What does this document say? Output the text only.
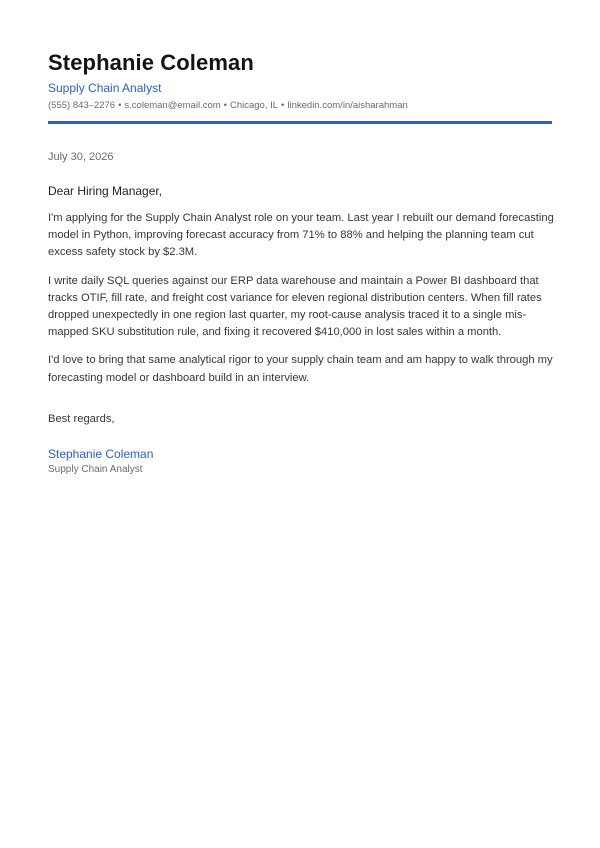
Stephanie Coleman
Supply Chain Analyst
(555) 843–2276 • s.coleman@email.com • Chicago, IL • linkedin.com/in/aisharahman
July 30, 2026
Dear Hiring Manager,
I'm applying for the Supply Chain Analyst role on your team. Last year I rebuilt our demand forecasting
model in Python, improving forecast accuracy from 71% to 88% and helping the planning team cut
excess safety stock by $2.3M.
I write daily SQL queries against our ERP data warehouse and maintain a Power BI dashboard that
tracks OTIF, fill rate, and freight cost variance for eleven regional distribution centers. When fill rates
dropped unexpectedly in one region last quarter, my root-cause analysis traced it to a single mis-
mapped SKU substitution rule, and fixing it recovered $410,000 in lost sales within a month.
I'd love to bring that same analytical rigor to your supply chain team and am happy to walk through my
forecasting model or dashboard build in an interview.
Best regards,
Stephanie Coleman
Supply Chain Analyst
